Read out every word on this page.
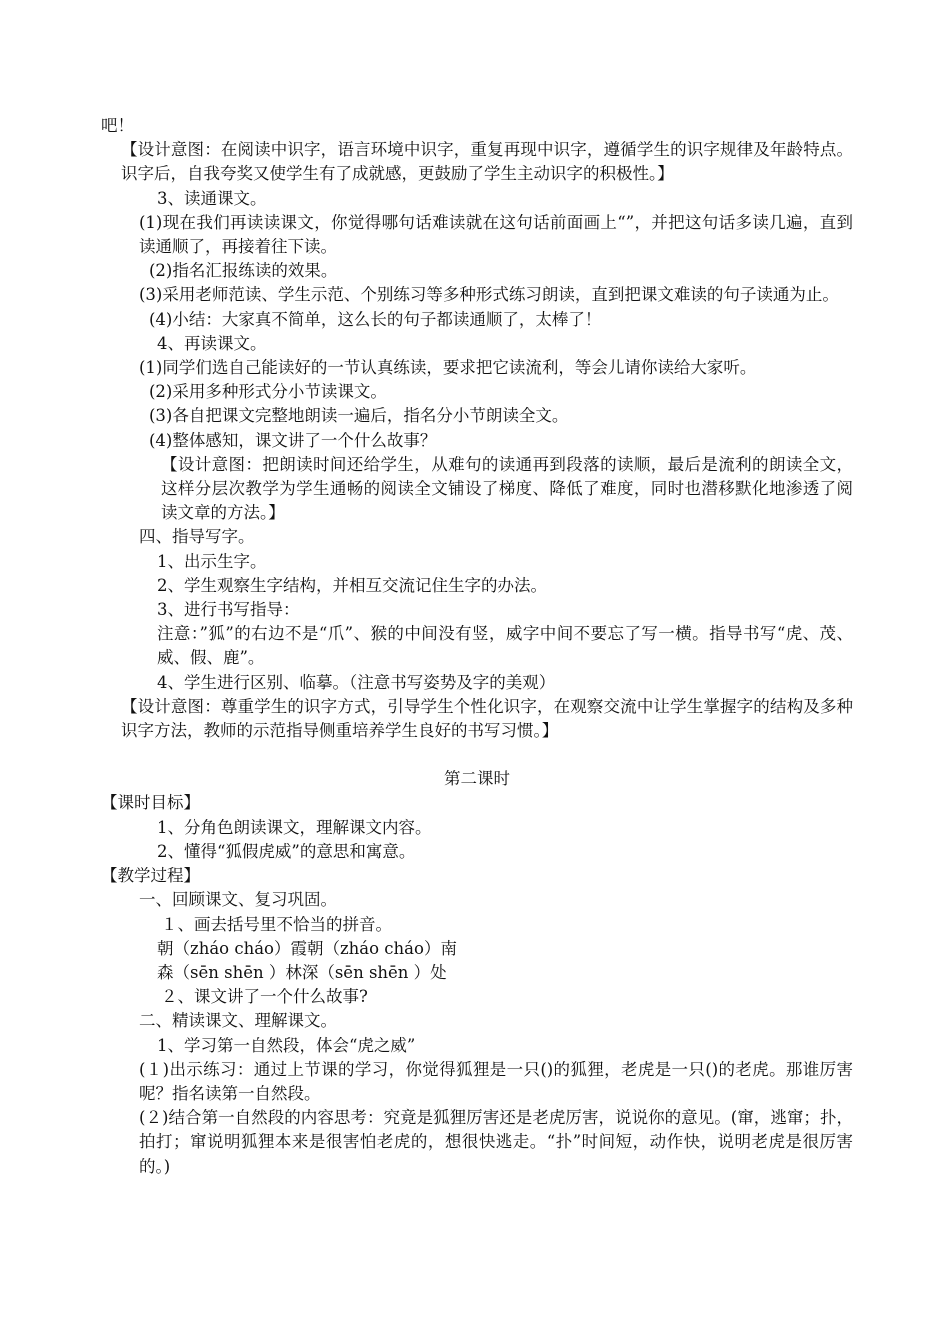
吧！

【设计意图：在阅读中识字，语言环境中识字，重复再现中识字，遵循学生的识字规律及年龄特点。识字后，自我夸奖又使学生有了成就感，更鼓励了学生主动识字的积极性。】

3、读通课文。

(1)现在我们再读读课文，你觉得哪句话难读就在这句话前面画上“”，并把这句话多读几遍，直到读通顺了，再接着往下读。

(2)指名汇报练读的效果。

(3)采用老师范读、学生示范、个别练习等多种形式练习朗读，直到把课文难读的句子读通为止。

(4)小结：大家真不简单，这么长的句子都读通顺了，太棒了！

4、再读课文。

(1)同学们选自己能读好的一节认真练读，要求把它读流利，等会儿请你读给大家听。

(2)采用多种形式分小节读课文。

(3)各自把课文完整地朗读一遍后，指名分小节朗读全文。

(4)整体感知，课文讲了一个什么故事？

【设计意图：把朗读时间还给学生，从难句的读通再到段落的读顺，最后是流利的朗读全文，这样分层次教学为学生通畅的阅读全文铺设了梯度、降低了难度，同时也潜移默化地渗透了阅读文章的方法。】

四、指导写字。

1、出示生字。

2、学生观察生字结构，并相互交流记住生字的办法。

3、进行书写指导：

注意：”狐”的右边不是“爪”、猴的中间没有竖，威字中间不要忘了写一横。指导书写“虎、茂、威、假、鹿”。

4、学生进行区别、临摹。（注意书写姿势及字的美观）

【设计意图：尊重学生的识字方式，引导学生个性化识字，在观察交流中让学生掌握字的结构及多种识字方法，教师的示范指导侧重培养学生良好的书写习惯。】

第二课时

【课时目标】

1、分角色朗读课文，理解课文内容。

2、懂得“狐假虎威”的意思和寓意。

【教学过程】

一、回顾课文、复习巩固。

１、画去括号里不恰当的拼音。

朝（zháo cháo）霞朝（zháo cháo）南

森（sēn shēn ）林深（sēn shēn ）处

２、课文讲了一个什么故事?

二、精读课文、理解课文。

1、学习第一自然段，体会“虎之威”

(１)出示练习：通过上节课的学习，你觉得狐狸是一只()的狐狸，老虎是一只()的老虎。那谁厉害呢？指名读第一自然段。

(２)结合第一自然段的内容思考：究竟是狐狸厉害还是老虎厉害，说说你的意见。(窜，逃窜；扑，拍打；窜说明狐狸本来是很害怕老虎的，想很快逃走。“扑”时间短，动作快，说明老虎是很厉害的。)
